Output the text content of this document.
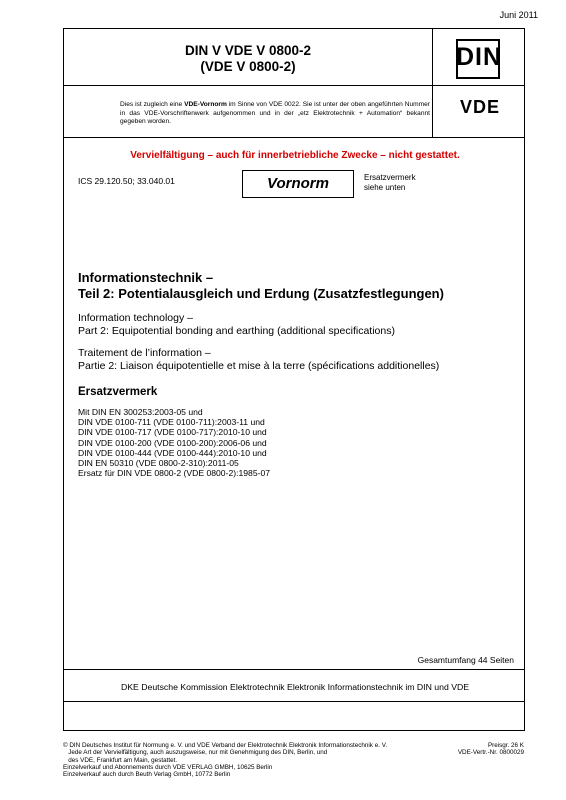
Juni 2011
DIN V VDE V 0800-2
(VDE V 0800-2)	DIN
Dies ist zugleich eine VDE-Vornorm im Sinne von VDE 0022. Sie ist unter der oben angeführten Nummer in das VDE-Vorschriftenwerk aufgenommen und in der „etz Elektrotechnik + Automation“ bekannt gegeben worden.
VDE
Vervielfältigung – auch für innerbetriebliche Zwecke – nicht gestattet.
ICS 29.120.50; 33.040.01	Vornorm	Ersatzvermerk
siehe unten
Informationstechnik –
Teil 2: Potentialausgleich und Erdung (Zusatzfestlegungen)
Information technology –
Part 2: Equipotential bonding and earthing (additional specifications)
Traitement de l’information –
Partie 2: Liaison équipotentielle et mise à la terre (spécifications additionelles)
Ersatzvermerk
Mit DIN EN 300253:2003-05 und
DIN VDE 0100-711 (VDE 0100-711):2003-11 und
DIN VDE 0100-717 (VDE 0100-717):2010-10 und
DIN VDE 0100-200 (VDE 0100-200):2006-06 und
DIN VDE 0100-444 (VDE 0100-444):2010-10 und
DIN EN 50310 (VDE 0800-2-310):2011-05
Ersatz für DIN VDE 0800-2 (VDE 0800-2):1985-07
Gesamtumfang 44 Seiten
DKE Deutsche Kommission Elektrotechnik Elektronik Informationstechnik im DIN und VDE
© DIN Deutsches Institut für Normung e. V. und VDE Verband der Elektrotechnik Elektronik Informationstechnik e. V.
Jede Art der Vervielfältigung, auch auszugsweise, nur mit Genehmigung des DIN, Berlin, und
des VDE, Frankfurt am Main, gestattet.
Einzelverkauf und Abonnements durch VDE VERLAG GMBH, 10625 Berlin
Einzelverkauf auch durch Beuth Verlag GmbH, 10772 Berlin
Preisgr. 26 K
VDE-Vertr.-Nr. 0800029
